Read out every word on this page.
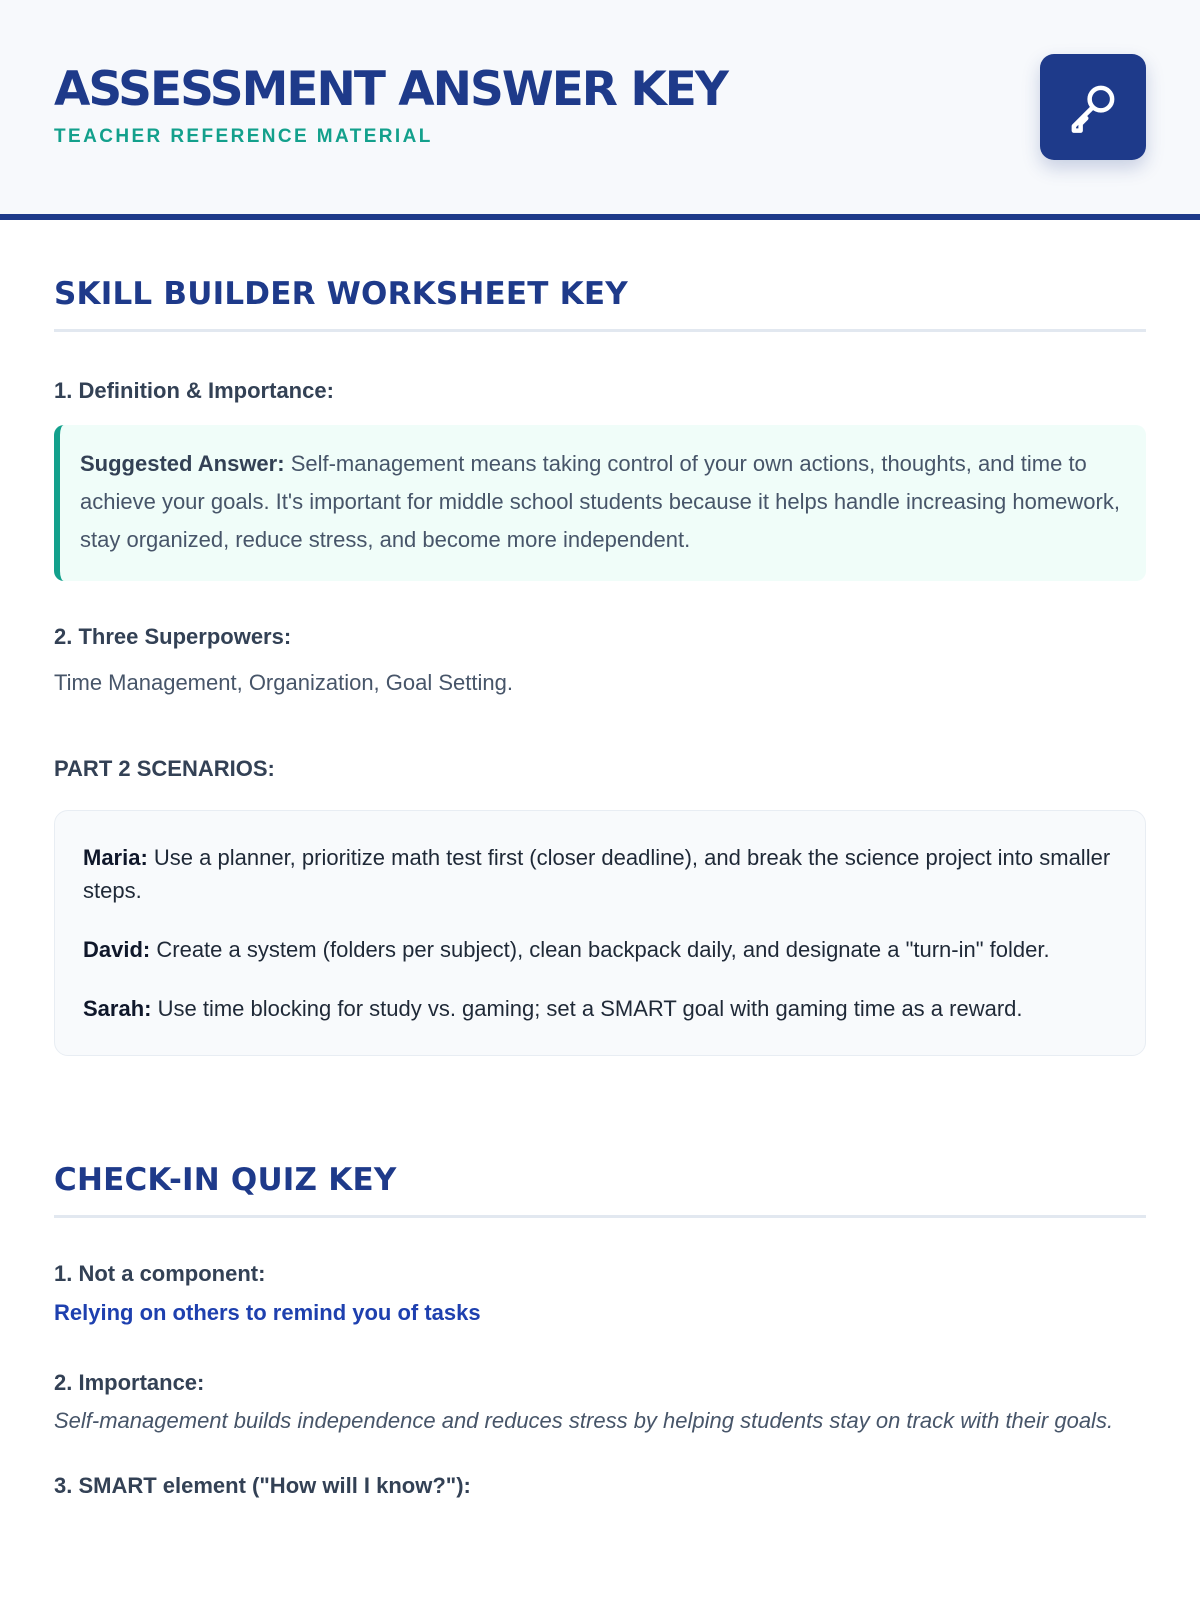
ASSESSMENT ANSWER KEY
TEACHER REFERENCE MATERIAL
SKILL BUILDER WORKSHEET KEY
1. Definition & Importance:
Suggested Answer: Self-management means taking control of your own actions, thoughts, and time to achieve your goals. It's important for middle school students because it helps handle increasing homework, stay organized, reduce stress, and become more independent.
2. Three Superpowers:
Time Management, Organization, Goal Setting.
PART 2 SCENARIOS:
Maria: Use a planner, prioritize math test first (closer deadline), and break the science project into smaller steps.
David: Create a system (folders per subject), clean backpack daily, and designate a "turn-in" folder.
Sarah: Use time blocking for study vs. gaming; set a SMART goal with gaming time as a reward.
CHECK-IN QUIZ KEY
1. Not a component:
Relying on others to remind you of tasks
2. Importance:
Self-management builds independence and reduces stress by helping students stay on track with their goals.
3. SMART element ("How will I know?"):
